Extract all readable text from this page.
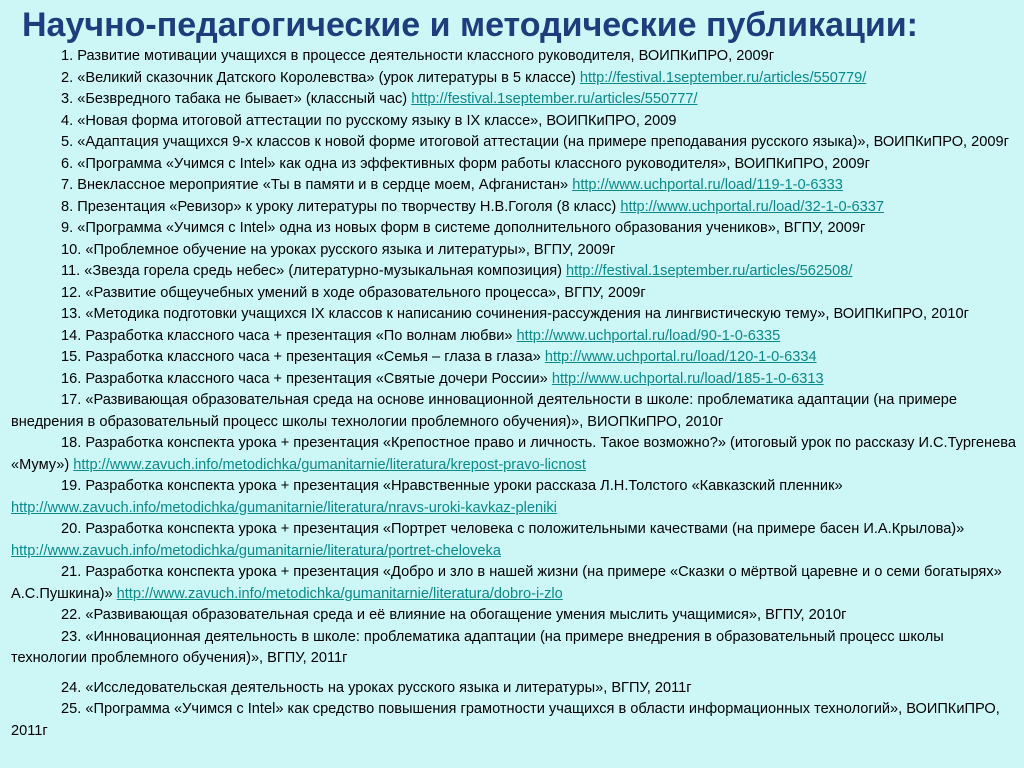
Научно-педагогические и методические публикации:

1. Развитие мотивации учащихся в процессе деятельности классного руководителя, ВОИПКиПРО, 2009г

2. «Великий сказочник Датского Королевства» (урок литературы в 5 классе) http://festival.1september.ru/articles/550779/

3. «Безвредного табака не бывает» (классный час) http://festival.1september.ru/articles/550777/

4. «Новая форма итоговой аттестации по русскому языку в IX классе», ВОИПКиПРО, 2009

5. «Адаптация учащихся 9-х классов к новой форме итоговой аттестации (на примере преподавания русского языка)», ВОИПКиПРО, 2009г

6. «Программа «Учимся с Intel» как одна из эффективных форм работы классного руководителя», ВОИПКиПРО, 2009г

7. Внеклассное мероприятие «Ты в памяти и в сердце моем, Афганистан» http://www.uchportal.ru/load/119-1-0-6333

8. Презентация «Ревизор» к уроку литературы по творчеству Н.В.Гоголя (8 класс) http://www.uchportal.ru/load/32-1-0-6337

9. «Программа «Учимся с Intel» одна из новых форм в системе дополнительного образования учеников», ВГПУ, 2009г

10. «Проблемное обучение на уроках русского языка и литературы», ВГПУ, 2009г

11. «Звезда горела средь небес» (литературно-музыкальная композиция) http://festival.1september.ru/articles/562508/

12. «Развитие общеучебных умений в ходе образовательного процесса», ВГПУ, 2009г

13. «Методика подготовки учащихся IX классов к написанию сочинения-рассуждения на лингвистическую тему», ВОИПКиПРО, 2010г

14. Разработка классного часа + презентация «По волнам любви» http://www.uchportal.ru/load/90-1-0-6335

15. Разработка классного часа + презентация «Семья – глаза в глаза» http://www.uchportal.ru/load/120-1-0-6334

16. Разработка классного часа + презентация «Святые дочери России» http://www.uchportal.ru/load/185-1-0-6313

17. «Развивающая образовательная среда на основе инновационной деятельности в школе: проблематика адаптации (на примере внедрения в образовательный процесс школы технологии проблемного обучения)», ВИОПКиПРО, 2010г

18. Разработка конспекта урока + презентация «Крепостное право и личность. Такое возможно?» (итоговый урок по рассказу И.С.Тургенева «Муму») http://www.zavuch.info/metodichka/gumanitarnie/literatura/krepost-pravo-licnost

19. Разработка конспекта урока + презентация «Нравственные уроки рассказа Л.Н.Толстого «Кавказский пленник» http://www.zavuch.info/metodichka/gumanitarnie/literatura/nravs-uroki-kavkaz-pleniki

20. Разработка конспекта урока + презентация «Портрет человека с положительными качествами (на примере басен И.А.Крылова)» http://www.zavuch.info/metodichka/gumanitarnie/literatura/portret-cheloveka

21. Разработка конспекта урока + презентация «Добро и зло в нашей жизни (на примере «Сказки о мёртвой царевне и о семи богатырях» А.С.Пушкина)» http://www.zavuch.info/metodichka/gumanitarnie/literatura/dobro-i-zlo

22. «Развивающая образовательная среда и её влияние на обогащение умения мыслить учащимися», ВГПУ, 2010г

23. «Инновационная деятельность в школе: проблематика адаптации (на примере внедрения в образовательный процесс школы технологии проблемного обучения)», ВГПУ, 2011г

24. «Исследовательская деятельность на уроках русского языка и литературы», ВГПУ, 2011г

25. «Программа «Учимся с Intel» как средство повышения грамотности учащихся в области информационных технологий», ВОИПКиПРО, 2011г
